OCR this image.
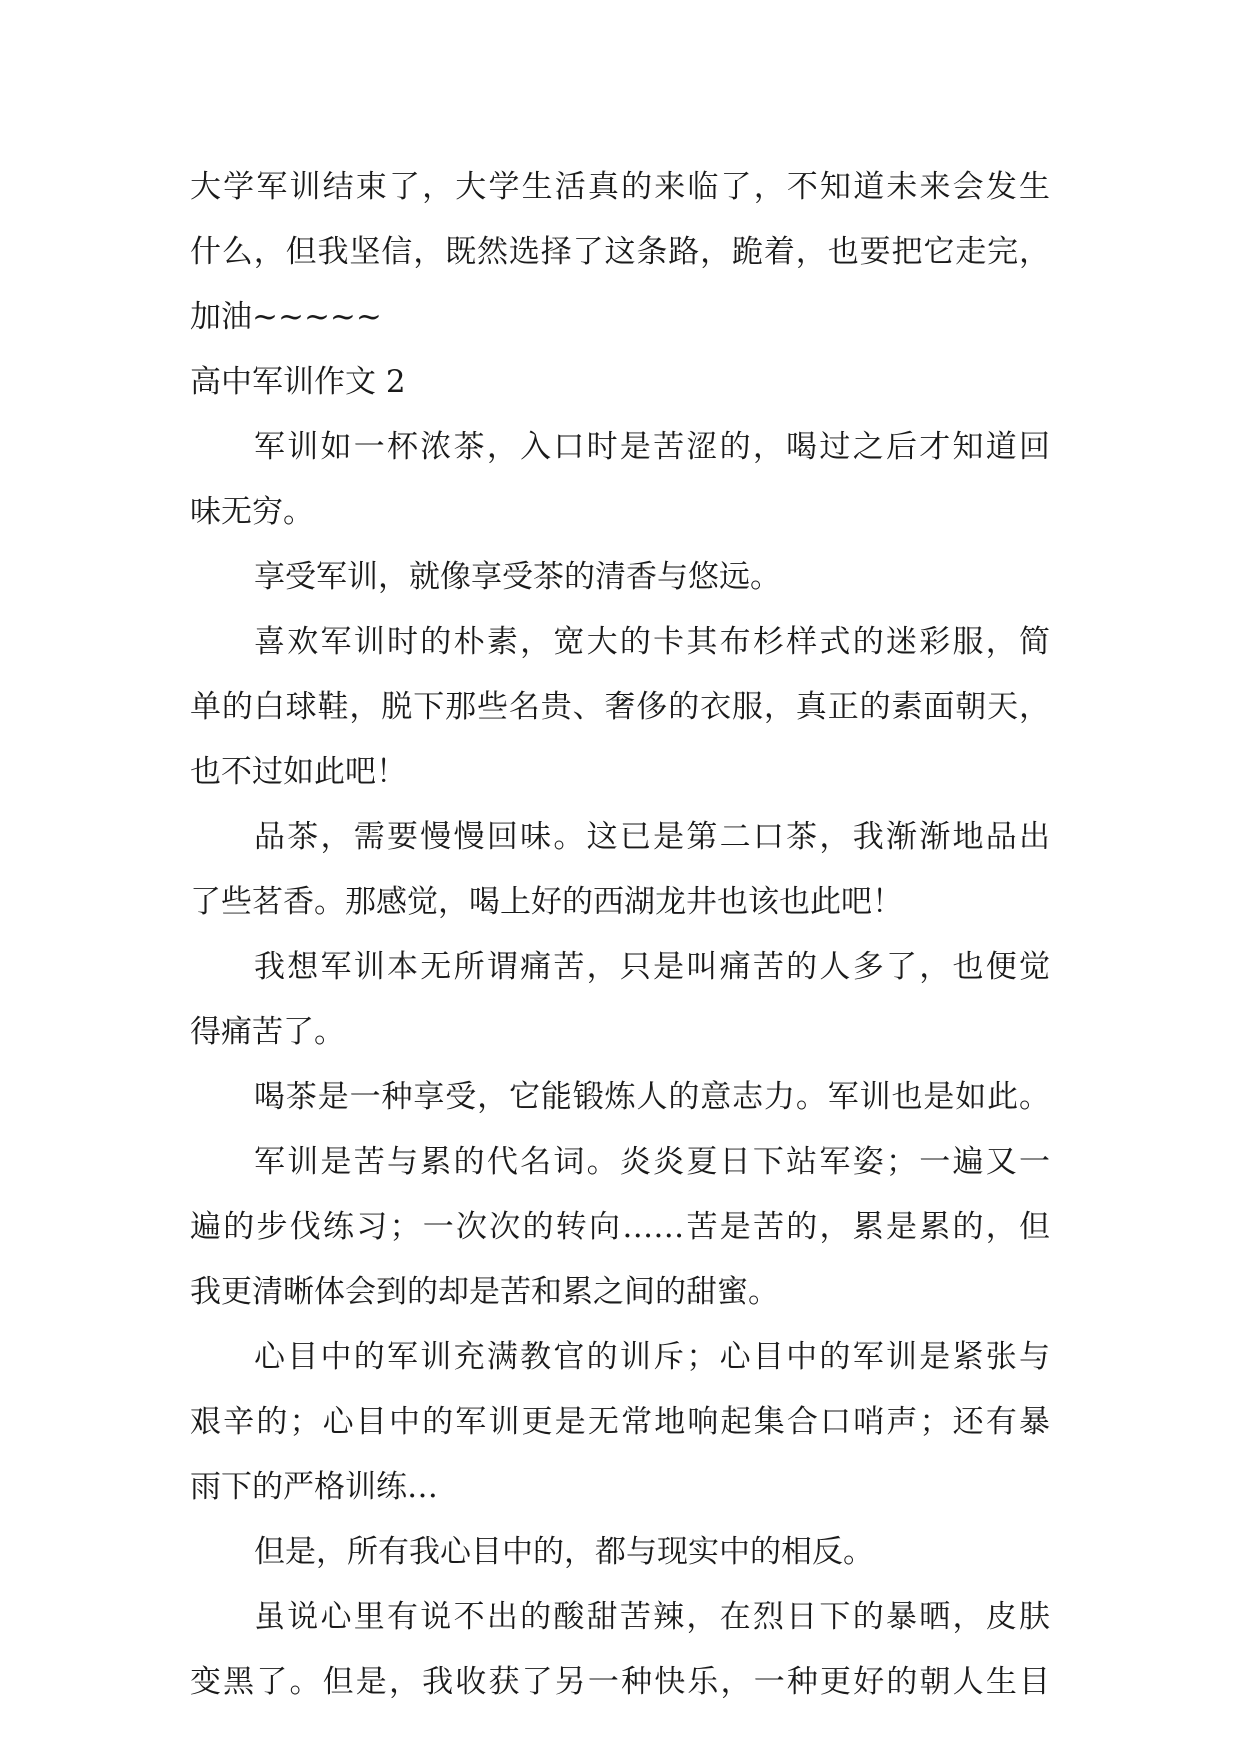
大学军训结束了，大学生活真的来临了，不知道未来会发生
什么，但我坚信，既然选择了这条路，跪着，也要把它走完，
加油~~~~~
高中军训作文 2
军训如一杯浓茶，入口时是苦涩的，喝过之后才知道回
味无穷。
享受军训，就像享受茶的清香与悠远。
喜欢军训时的朴素，宽大的卡其布杉样式的迷彩服，简
单的白球鞋，脱下那些名贵、奢侈的衣服，真正的素面朝天，
也不过如此吧！
品茶，需要慢慢回味。这已是第二口茶，我渐渐地品出
了些茗香。那感觉，喝上好的西湖龙井也该也此吧！
我想军训本无所谓痛苦，只是叫痛苦的人多了，也便觉
得痛苦了。
喝茶是一种享受，它能锻炼人的意志力。军训也是如此。
军训是苦与累的代名词。炎炎夏日下站军姿；一遍又一
遍的步伐练习；一次次的转向……苦是苦的，累是累的，但
我更清晰体会到的却是苦和累之间的甜蜜。
心目中的军训充满教官的训斥；心目中的军训是紧张与
艰辛的；心目中的军训更是无常地响起集合口哨声；还有暴
雨下的严格训练…
但是，所有我心目中的，都与现实中的相反。
虽说心里有说不出的酸甜苦辣，在烈日下的暴晒，皮肤
变黑了。但是，我收获了另一种快乐，一种更好的朝人生目
